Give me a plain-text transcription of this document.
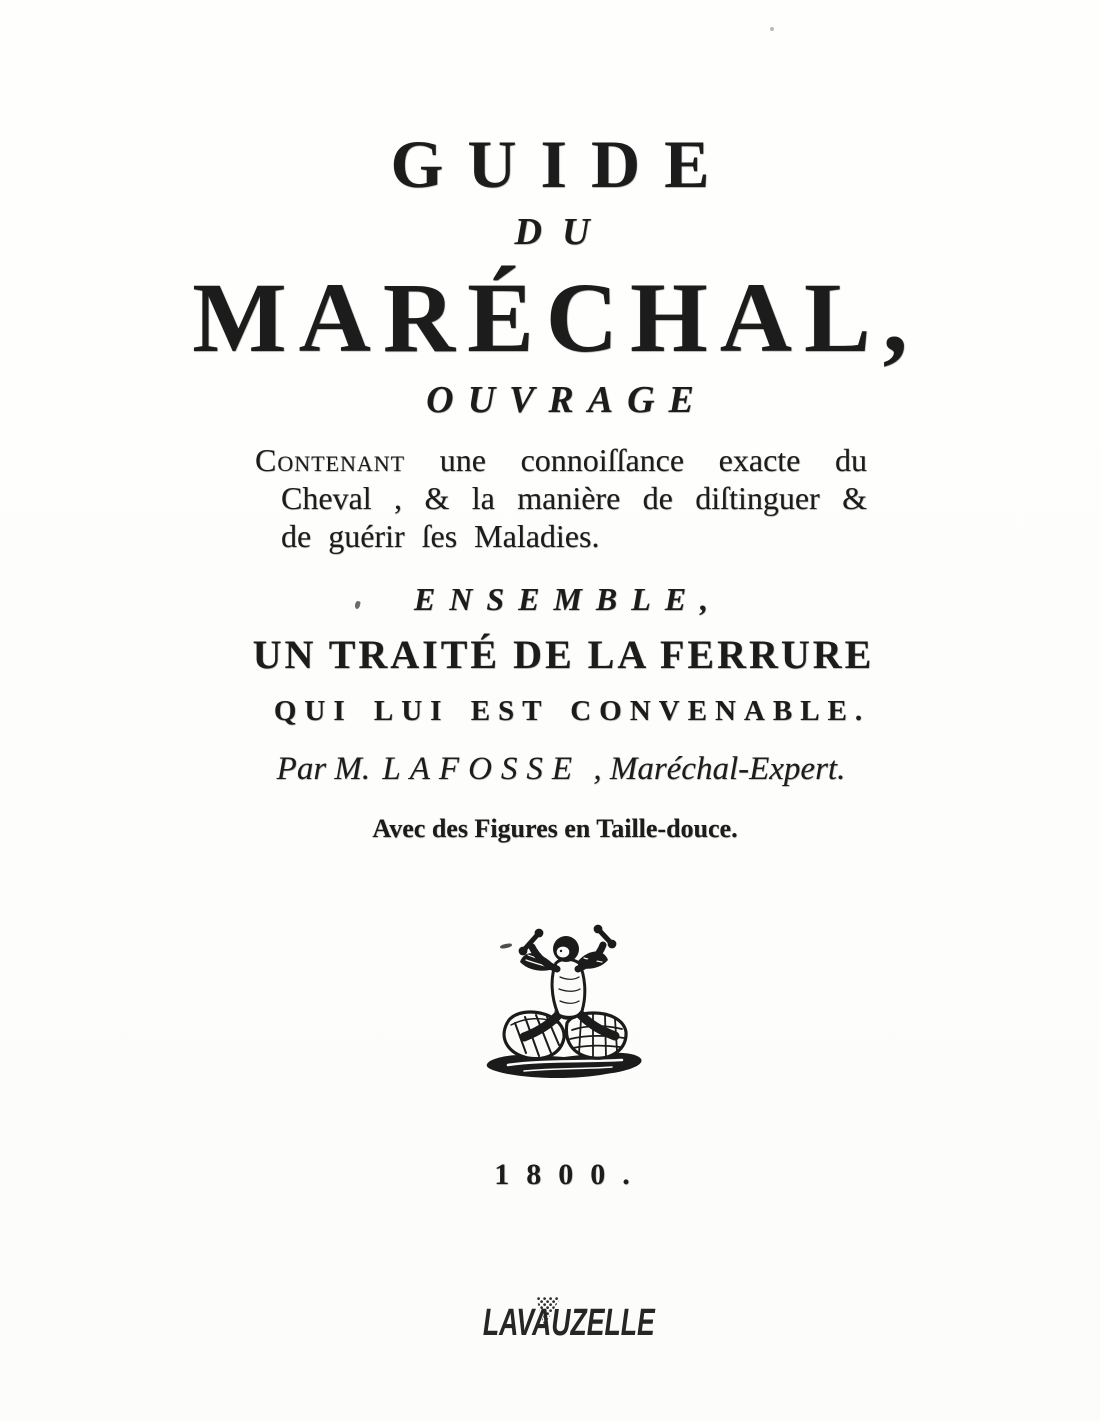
GUIDE
DU
MARÉCHAL,
OUVRAGE
Contenant une connoiſſance exacte du
Cheval , & la manière de diſtinguer &
de guérir ſes Maladies.
ENSEMBLE,
UN TRAITÉ DE LA FERRURE
QUI LUI EST CONVENABLE.
Par M. LAFOSSE , Maréchal-Expert.
Avec des Figures en Taille-douce.
1800.
LAVAUZELLE
